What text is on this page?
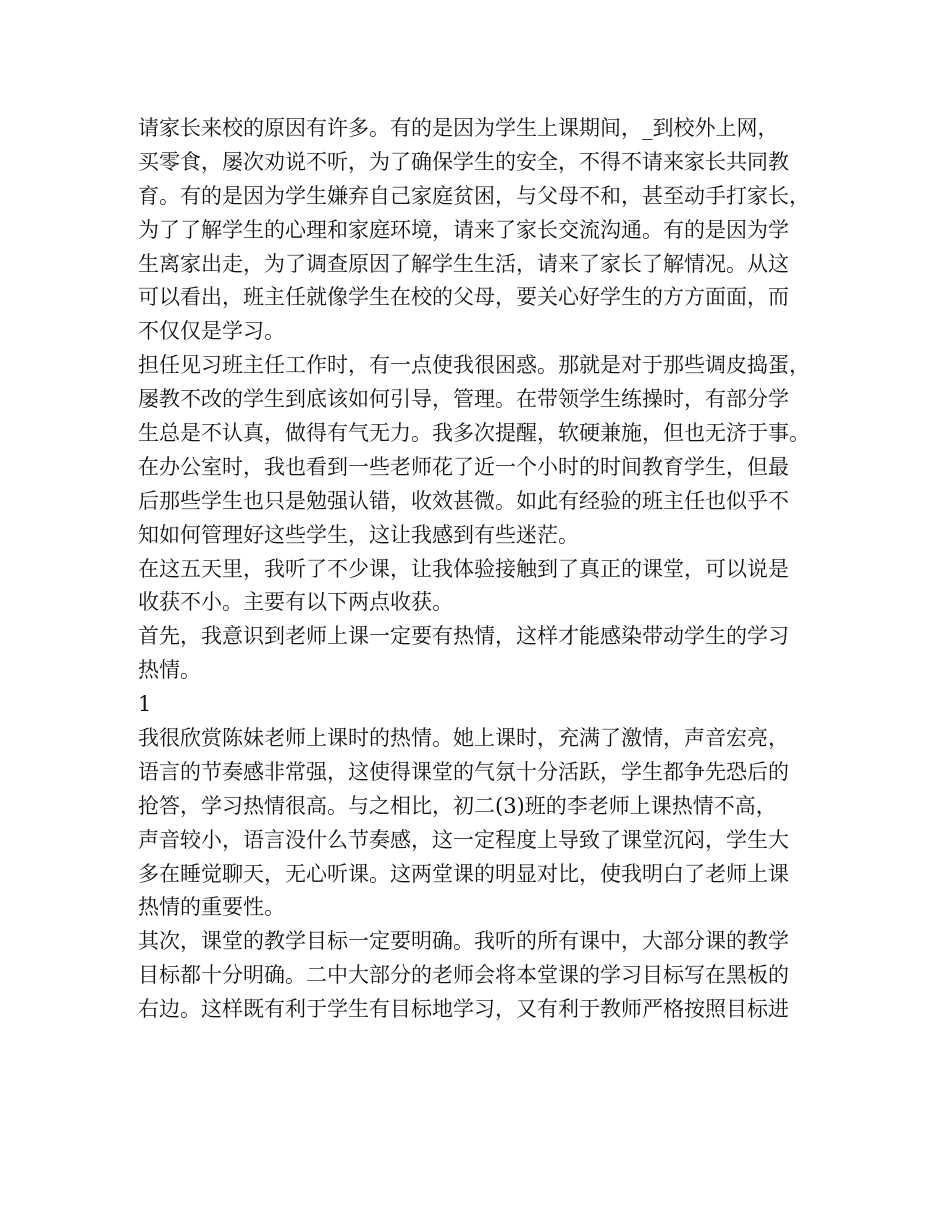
请家长来校的原因有许多。有的是因为学生上课期间，_到校外上网，
买零食，屡次劝说不听，为了确保学生的安全，不得不请来家长共同教
育。有的是因为学生嫌弃自己家庭贫困，与父母不和，甚至动手打家长，
为了了解学生的心理和家庭环境，请来了家长交流沟通。有的是因为学
生离家出走，为了调查原因了解学生生活，请来了家长了解情况。从这
可以看出，班主任就像学生在校的父母，要关心好学生的方方面面，而
不仅仅是学习。
担任见习班主任工作时，有一点使我很困惑。那就是对于那些调皮捣蛋，
屡教不改的学生到底该如何引导，管理。在带领学生练操时，有部分学
生总是不认真，做得有气无力。我多次提醒，软硬兼施，但也无济于事。
在办公室时，我也看到一些老师花了近一个小时的时间教育学生，但最
后那些学生也只是勉强认错，收效甚微。如此有经验的班主任也似乎不
知如何管理好这些学生，这让我感到有些迷茫。
在这五天里，我听了不少课，让我体验接触到了真正的课堂，可以说是
收获不小。主要有以下两点收获。
首先，我意识到老师上课一定要有热情，这样才能感染带动学生的学习
热情。
1
我很欣赏陈妹老师上课时的热情。她上课时，充满了激情，声音宏亮，
语言的节奏感非常强，这使得课堂的气氛十分活跃，学生都争先恐后的
抢答，学习热情很高。与之相比，初二(3)班的李老师上课热情不高，
声音较小，语言没什么节奏感，这一定程度上导致了课堂沉闷，学生大
多在睡觉聊天，无心听课。这两堂课的明显对比，使我明白了老师上课
热情的重要性。
其次，课堂的教学目标一定要明确。我听的所有课中，大部分课的教学
目标都十分明确。二中大部分的老师会将本堂课的学习目标写在黑板的
右边。这样既有利于学生有目标地学习，又有利于教师严格按照目标进
